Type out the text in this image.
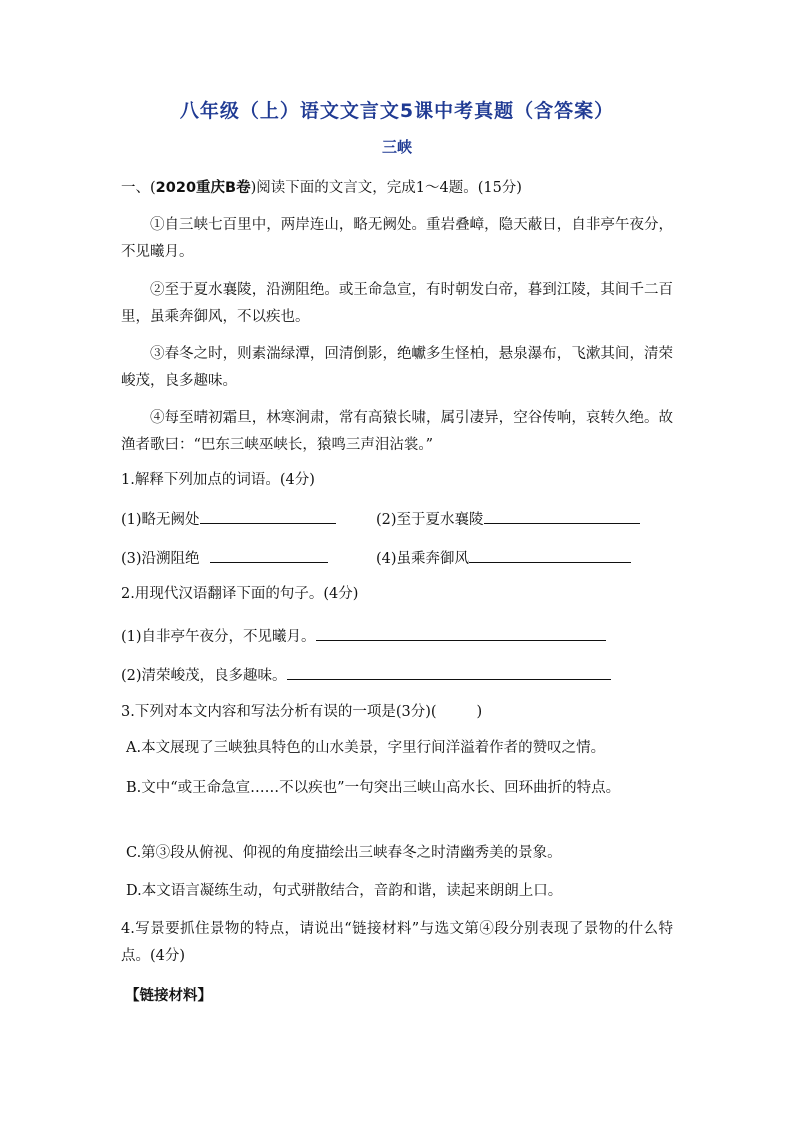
八年级（上）语文文言文5课中考真题（含答案）
三峡
一、(2020重庆B卷)阅读下面的文言文，完成1～4题。(15分)
①自三峡七百里中，两岸连山，略无阙处。重岩叠嶂，隐天蔽日，自非亭午夜分，不见曦月。
②至于夏水襄陵，沿溯阻绝。或王命急宣，有时朝发白帝，暮到江陵，其间千二百里，虽乘奔御风，不以疾也。
③春冬之时，则素湍绿潭，回清倒影，绝巘多生怪柏，悬泉瀑布，飞漱其间，清荣峻茂，良多趣味。
④每至晴初霜旦，林寒涧肃，常有高猿长啸，属引凄异，空谷传响，哀转久绝。故渔者歌曰：“巴东三峡巫峡长，猿鸣三声泪沾裳。”
1.解释下列加点的词语。(4分)
(1)略无阙处	(2)至于夏水襄陵
(3)沿溯阻绝	(4)虽乘奔御风
2.用现代汉语翻译下面的句子。(4分)
(1)自非亭午夜分，不见曦月。
(2)清荣峻茂，良多趣味。
3.下列对本文内容和写法分析有误的一项是(3分)(	)
A.本文展现了三峡独具特色的山水美景，字里行间洋溢着作者的赞叹之情。
B.文中“或王命急宣……不以疾也”一句突出三峡山高水长、回环曲折的特点。
C.第③段从俯视、仰视的角度描绘出三峡春冬之时清幽秀美的景象。
D.本文语言凝练生动，句式骈散结合，音韵和谐，读起来朗朗上口。
4.写景要抓住景物的特点，请说出“链接材料”与选文第④段分别表现了景物的什么特点。(4分)
【链接材料】
